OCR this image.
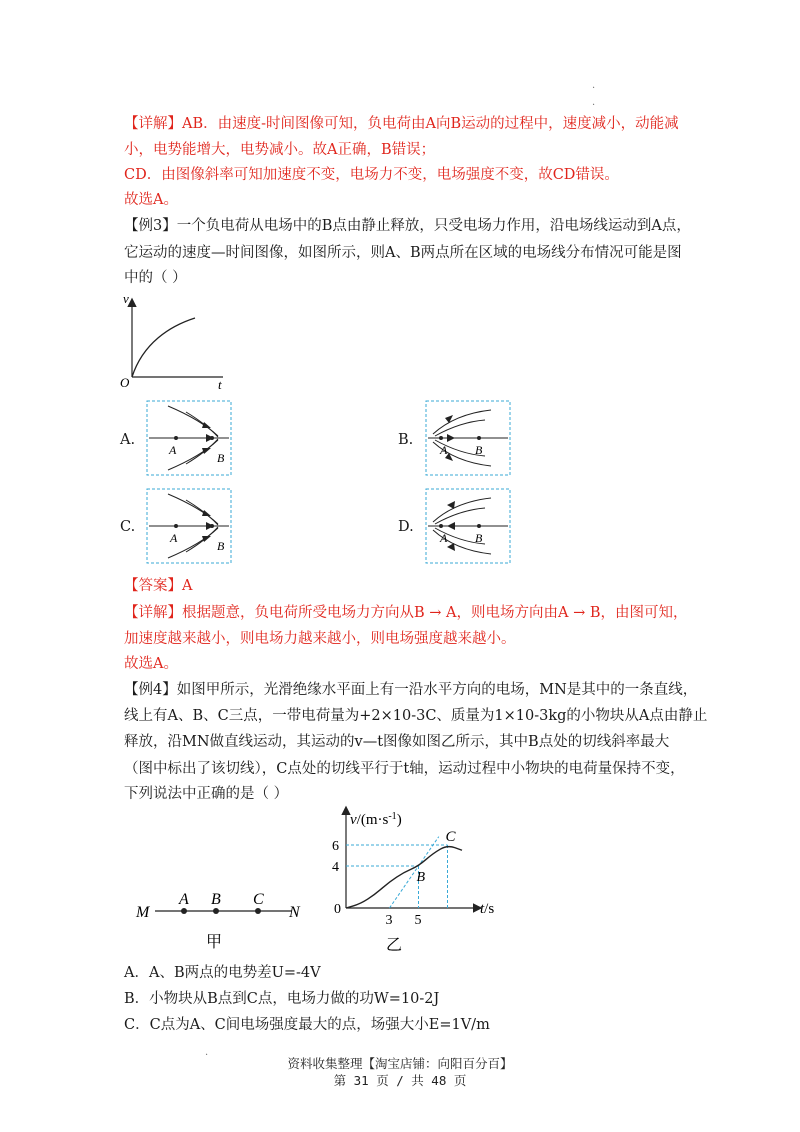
·
·
【详解】AB．由速度-时间图像可知，负电荷由A向B运动的过程中，速度减小，动能减
小，电势能增大，电势减小。故A正确，B错误；
CD．由图像斜率可知加速度不变，电场力不变，电场强度不变，故CD错误。
故选A。
【例3】一个负电荷从电场中的B点由静止释放，只受电场力作用，沿电场线运动到A点，
它运动的速度—时间图像，如图所示，则A、B两点所在区域的电场线分布情况可能是图
中的（ ）
v
O	t
A.	B.
C.	D.
A
B
A B
A
B
A B
【答案】A
【详解】根据题意，负电荷所受电场力方向从B → A，则电场方向由A → B，由图可知，
加速度越来越小，则电场力越来越小，则电场强度越来越小。
故选A。
【例4】如图甲所示，光滑绝缘水平面上有一沿水平方向的电场，MN是其中的一条直线，
线上有A、B、C三点，一带电荷量为+2×10-3C、质量为1×10-3kg的小物块从A点由静止
释放，沿MN做直线运动，其运动的v—t图像如图乙所示，其中B点处的切线斜率最大
（图中标出了该切线），C点处的切线平行于t轴，运动过程中小物块的电荷量保持不变，
下列说法中正确的是（ ）
M
A B C
N
甲
6
4
3 5
B
C
$v/(m\cdot s^{-1})$
t/s
0
乙
A．A、B两点的电势差U=-4V
B．小物块从B点到C点，电场力做的功W=10-2J
C．C点为A、C间电场强度最大的点，场强大小E=1V/m
·
资料收集整理【淘宝店铺：向阳百分百】
第 31 页 / 共 48 页
